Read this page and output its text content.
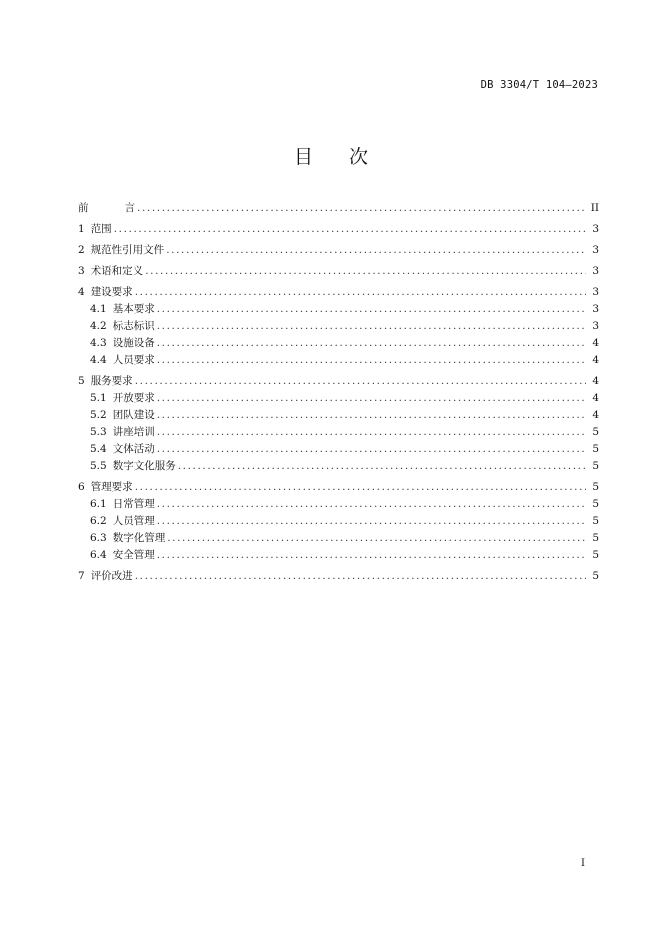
DB 3304/T 104—2023
目 次
前	言 .....	II
1 范围 .....	3
2 规范性引用文件 .....	3
3 术语和定义 .....	3
4 建设要求 .....	3
4.1 基本要求 .....	3
4.2 标志标识 .....	3
4.3 设施设备 .....	4
4.4 人员要求 .....	4
5 服务要求 .....	4
5.1 开放要求 .....	4
5.2 团队建设 .....	4
5.3 讲座培训 .....	5
5.4 文体活动 .....	5
5.5 数字文化服务 .....	5
6 管理要求 .....	5
6.1 日常管理 .....	5
6.2 人员管理 .....	5
6.3 数字化管理 .....	5
6.4 安全管理 .....	5
7 评价改进 .....	5
I
